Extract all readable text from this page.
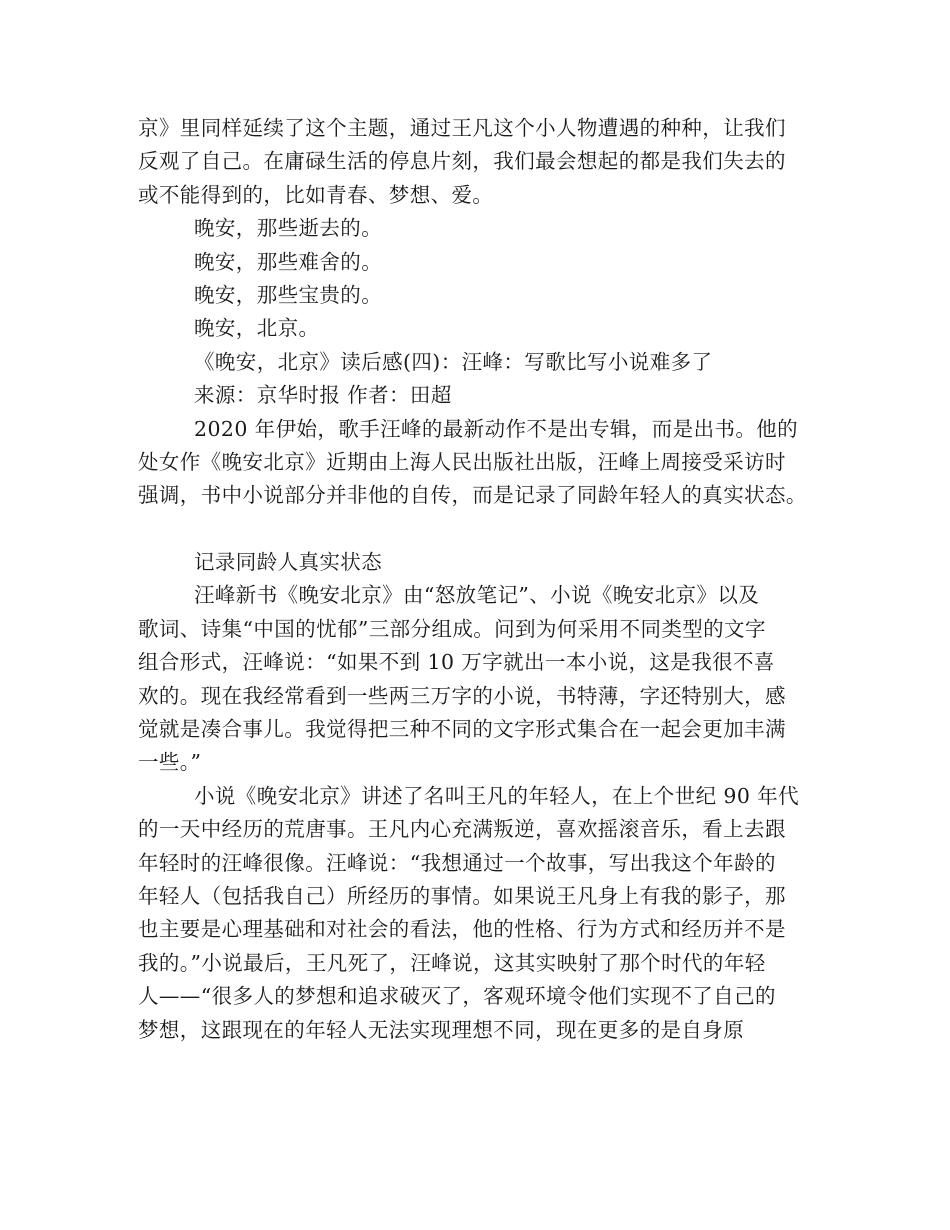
京》里同样延续了这个主题，通过王凡这个小人物遭遇的种种，让我们
反观了自己。在庸碌生活的停息片刻，我们最会想起的都是我们失去的
或不能得到的，比如青春、梦想、爱。
晚安，那些逝去的。
晚安，那些难舍的。
晚安，那些宝贵的。
晚安，北京。
《晚安，北京》读后感(四)：汪峰：写歌比写小说难多了
来源：京华时报 作者：田超
2020 年伊始，歌手汪峰的最新动作不是出专辑，而是出书。他的
处女作《晚安北京》近期由上海人民出版社出版，汪峰上周接受采访时
强调，书中小说部分并非他的自传，而是记录了同龄年轻人的真实状态。
记录同龄人真实状态
汪峰新书《晚安北京》由“怒放笔记”、小说《晚安北京》以及
歌词、诗集“中国的忧郁”三部分组成。问到为何采用不同类型的文字
组合形式，汪峰说：“如果不到 10 万字就出一本小说，这是我很不喜
欢的。现在我经常看到一些两三万字的小说，书特薄，字还特别大，感
觉就是凑合事儿。我觉得把三种不同的文字形式集合在一起会更加丰满
一些。”
小说《晚安北京》讲述了名叫王凡的年轻人，在上个世纪 90 年代
的一天中经历的荒唐事。王凡内心充满叛逆，喜欢摇滚音乐，看上去跟
年轻时的汪峰很像。汪峰说：“我想通过一个故事，写出我这个年龄的
年轻人（包括我自己）所经历的事情。如果说王凡身上有我的影子，那
也主要是心理基础和对社会的看法，他的性格、行为方式和经历并不是
我的。”小说最后，王凡死了，汪峰说，这其实映射了那个时代的年轻
人——“很多人的梦想和追求破灭了，客观环境令他们实现不了自己的
梦想，这跟现在的年轻人无法实现理想不同，现在更多的是自身原
